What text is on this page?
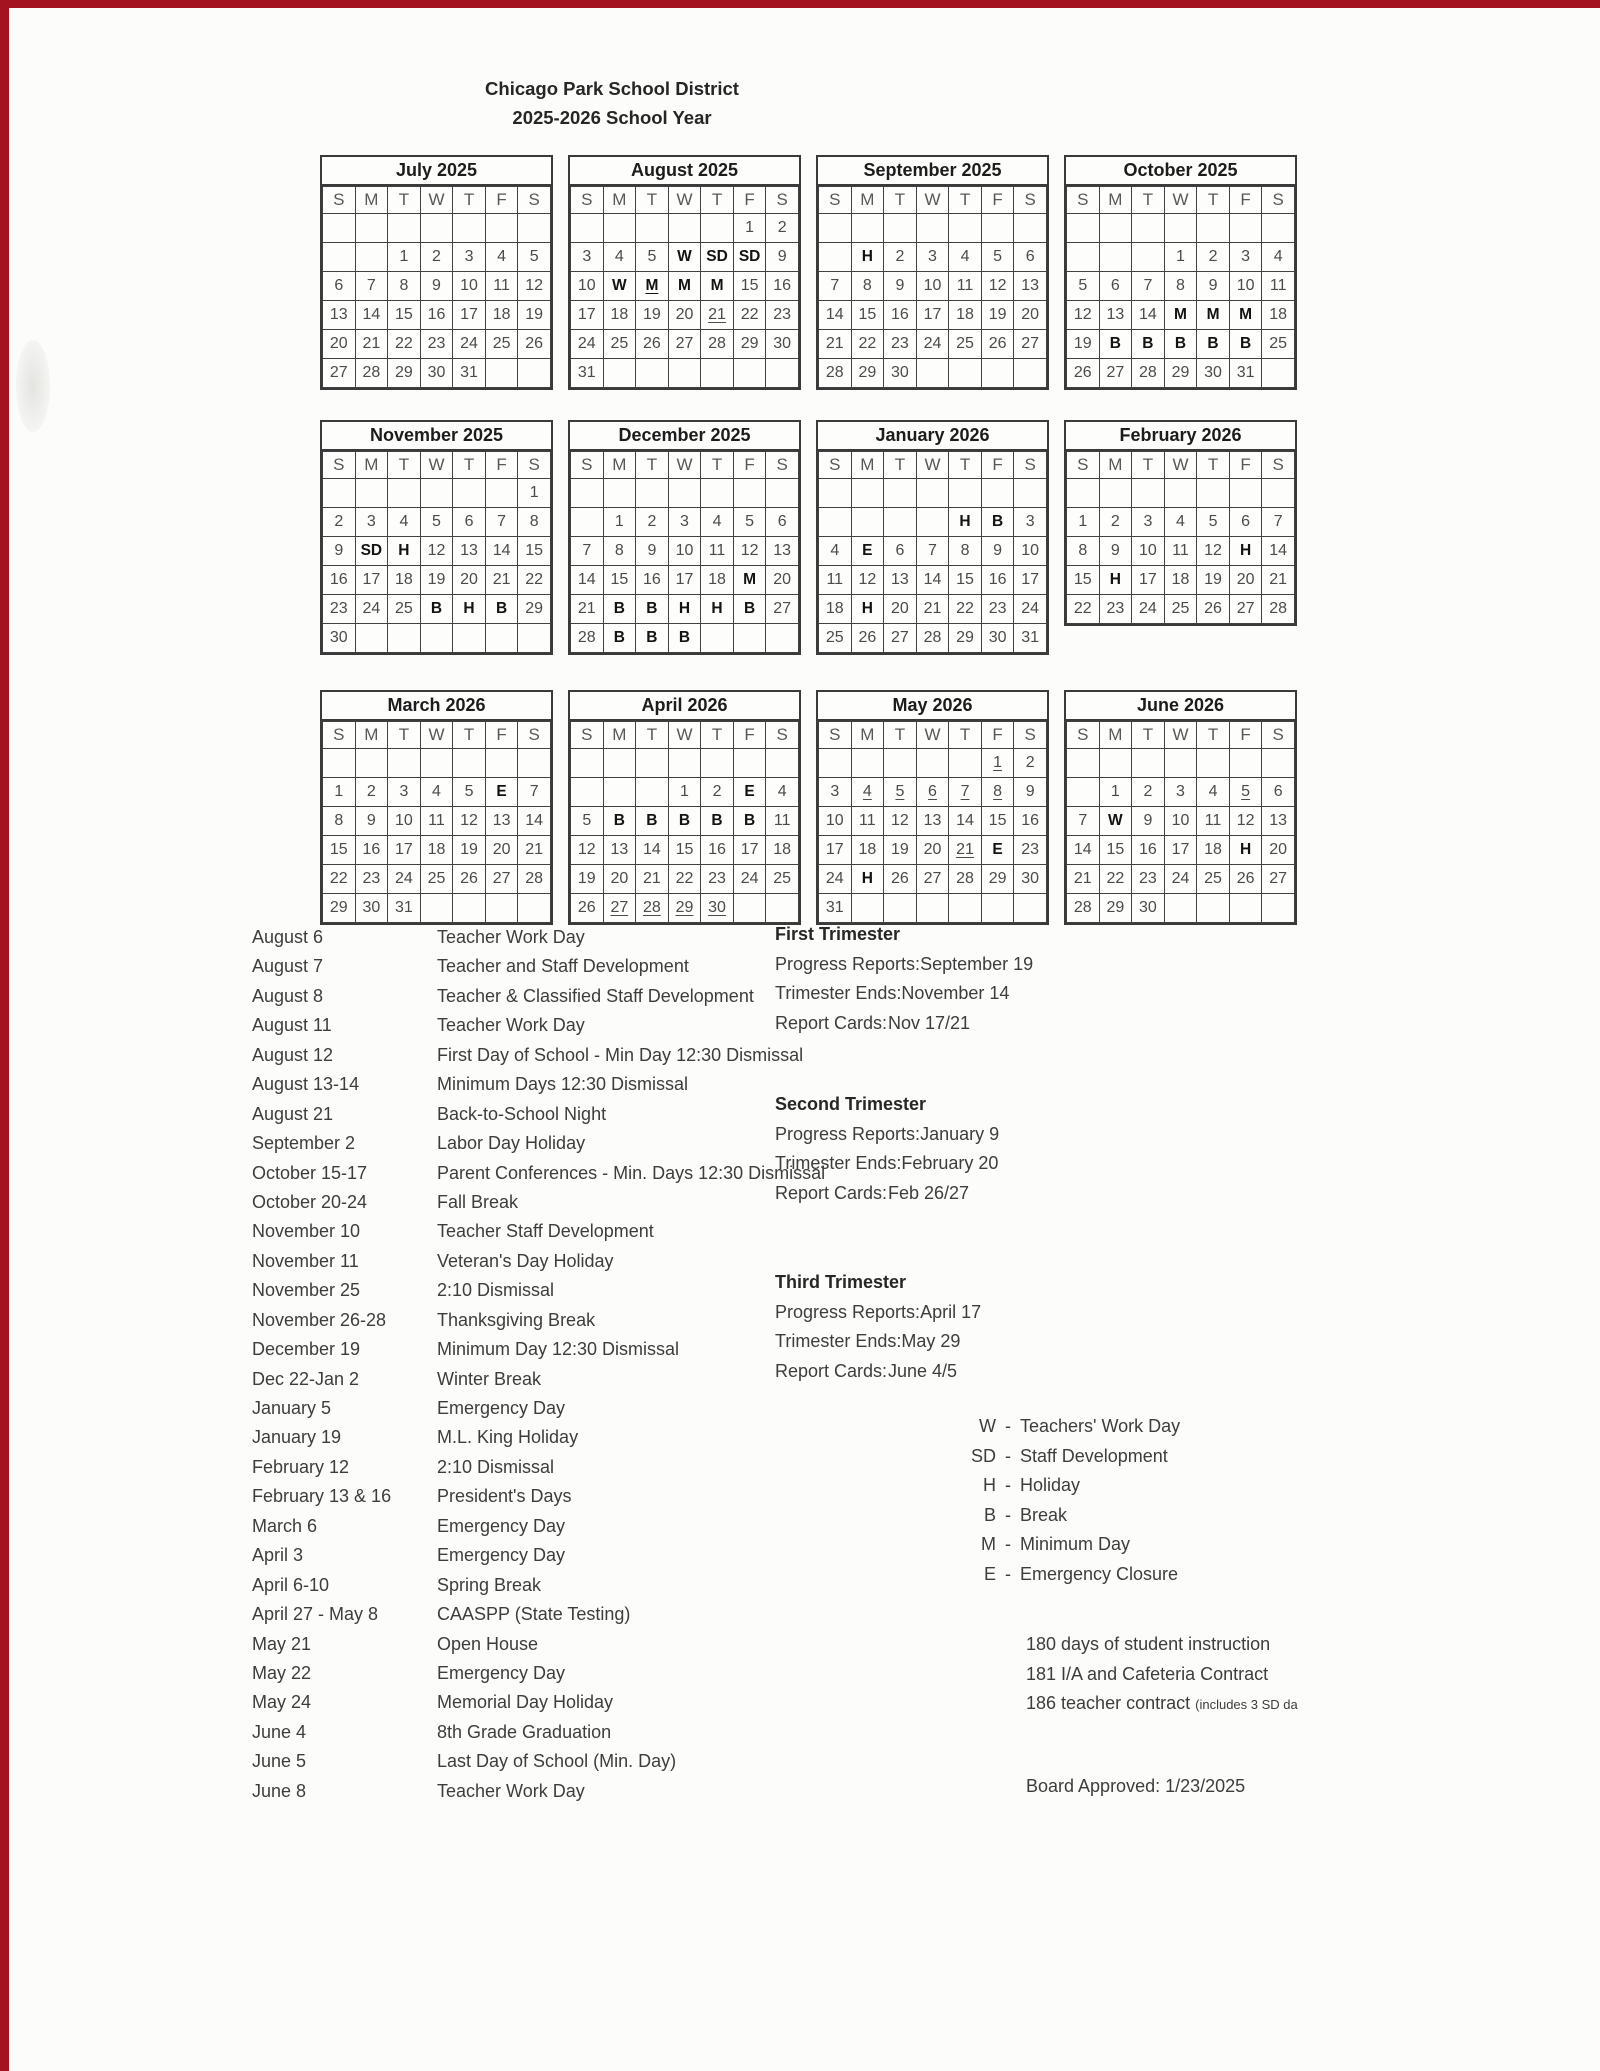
Chicago Park School District
2025-2026 School Year
July 2025
S	M	T	W	T	F	S

		1	2	3	4	5
6	7	8	9	10	11	12
13	14	15	16	17	18	19
20	21	22	23	24	25	26
27	28	29	30	31		
August 2025
S	M	T	W	T	F	S
					1	2
3	4	5	W	SD	SD	9
10	W	M	M	M	15	16
17	18	19	20	21	22	23
24	25	26	27	28	29	30
31						
September 2025
S	M	T	W	T	F	S

	H	2	3	4	5	6
7	8	9	10	11	12	13
14	15	16	17	18	19	20
21	22	23	24	25	26	27
28	29	30				
October 2025
S	M	T	W	T	F	S

			1	2	3	4
5	6	7	8	9	10	11
12	13	14	M	M	M	18
19	B	B	B	B	B	25
26	27	28	29	30	31	
November 2025
S	M	T	W	T	F	S
						1
2	3	4	5	6	7	8
9	SD	H	12	13	14	15
16	17	18	19	20	21	22
23	24	25	B	H	B	29
30						
December 2025
S	M	T	W	T	F	S

	1	2	3	4	5	6
7	8	9	10	11	12	13
14	15	16	17	18	M	20
21	B	B	H	H	B	27
28	B	B	B			
January 2026
S	M	T	W	T	F	S

				H	B	3
4	E	6	7	8	9	10
11	12	13	14	15	16	17
18	H	20	21	22	23	24
25	26	27	28	29	30	31
February 2026
S	M	T	W	T	F	S

1	2	3	4	5	6	7
8	9	10	11	12	H	14
15	H	17	18	19	20	21
22	23	24	25	26	27	28
March 2026
S	M	T	W	T	F	S

1	2	3	4	5	E	7
8	9	10	11	12	13	14
15	16	17	18	19	20	21
22	23	24	25	26	27	28
29	30	31				
April 2026
S	M	T	W	T	F	S

			1	2	E	4
5	B	B	B	B	B	11
12	13	14	15	16	17	18
19	20	21	22	23	24	25
26	27	28	29	30		
May 2026
S	M	T	W	T	F	S
					1	2
3	4	5	6	7	8	9
10	11	12	13	14	15	16
17	18	19	20	21	E	23
24	H	26	27	28	29	30
31						
June 2026
S	M	T	W	T	F	S

	1	2	3	4	5	6
7	W	9	10	11	12	13
14	15	16	17	18	H	20
21	22	23	24	25	26	27
28	29	30				
August 6	Teacher Work Day
August 7	Teacher and Staff Development
August 8	Teacher & Classified Staff Development
August 11	Teacher Work Day
August 12	First Day of School - Min Day 12:30 Dismissal
August 13-14	Minimum Days 12:30 Dismissal
August 21	Back-to-School Night
September 2	Labor Day Holiday
October 15-17	Parent Conferences - Min. Days 12:30 Dismissal
October 20-24	Fall Break
November 10	Teacher Staff Development
November 11	Veteran's Day Holiday
November 25	2:10 Dismissal
November 26-28	Thanksgiving Break
December 19	Minimum Day 12:30 Dismissal
Dec 22-Jan 2	Winter Break
January 5	Emergency Day
January 19	M.L. King Holiday
February 12	2:10 Dismissal
February 13 & 16	President's Days
March 6	Emergency Day
April 3	Emergency Day
April 6-10	Spring Break
April 27 - May 8	CAASPP (State Testing)
May 21	Open House
May 22	Emergency Day
May 24	Memorial Day Holiday
June 4	8th Grade Graduation
June 5	Last Day of School (Min. Day)
June 8	Teacher Work Day
First Trimester
Progress Reports:September 19
Trimester Ends:November 14
Report Cards:Nov 17/21
Second Trimester
Progress Reports:January 9
Trimester Ends:February 20
Report Cards:Feb 26/27
Third Trimester
Progress Reports:April 17
Trimester Ends:May 29
Report Cards:June 4/5
W - Teachers' Work Day
SD - Staff Development
H - Holiday
B - Break
M - Minimum Day
E - Emergency Closure
180 days of student instruction
181 I/A and Cafeteria Contract
186 teacher contract (includes 3 SD da
Board Approved: 1/23/2025
